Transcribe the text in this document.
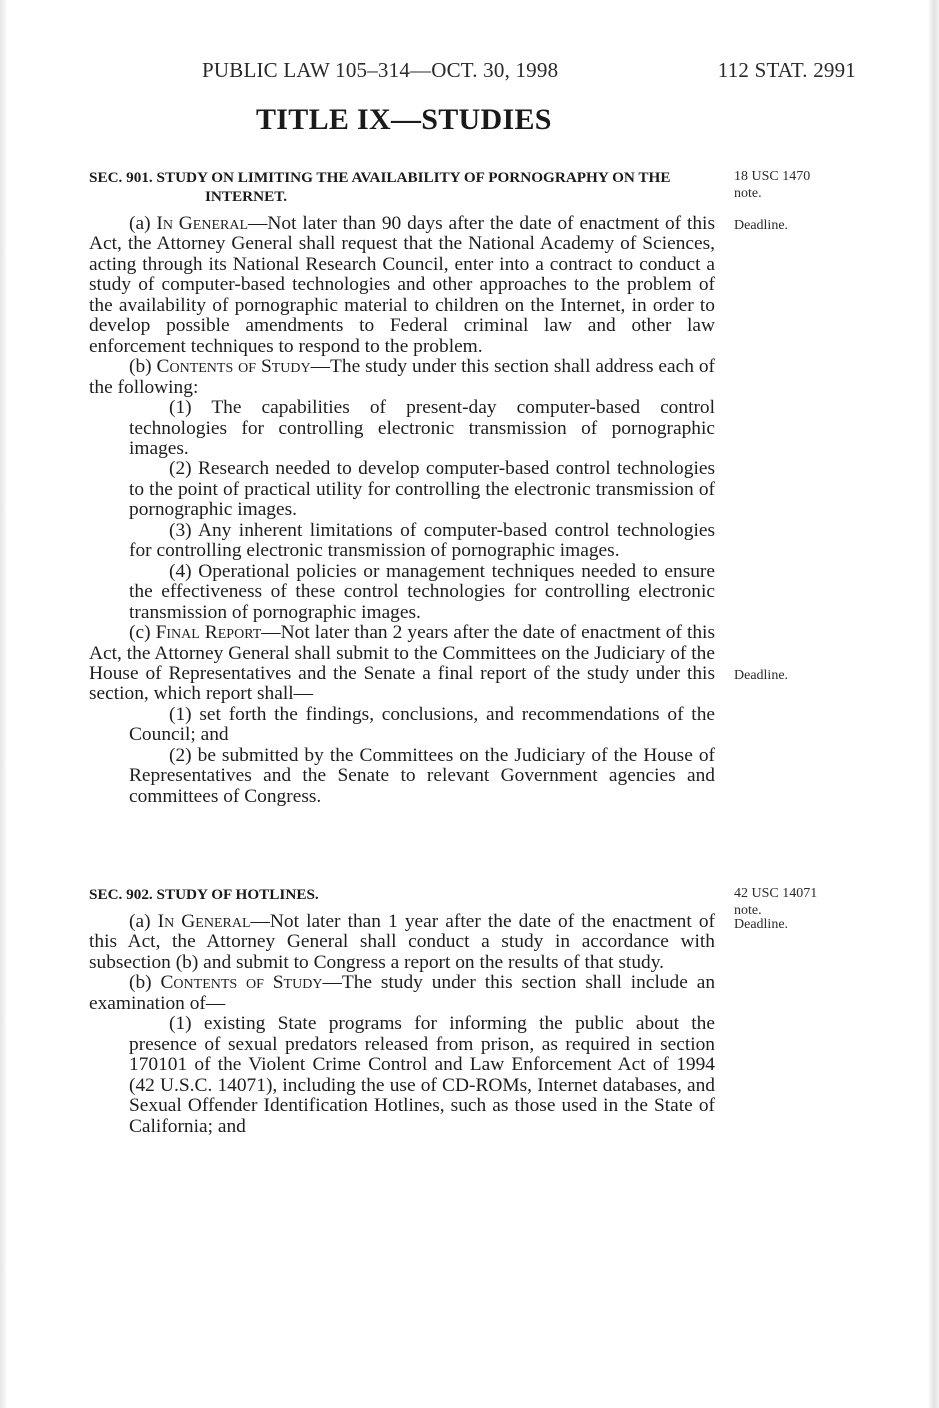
PUBLIC LAW 105–314—OCT. 30, 1998	112 STAT. 2991
TITLE IX—STUDIES
SEC. 901. STUDY ON LIMITING THE AVAILABILITY OF PORNOGRAPHY ON THE INTERNET.

(a) In General—Not later than 90 days after the date of enactment of this Act, the Attorney General shall request that the National Academy of Sciences, acting through its National Research Council, enter into a contract to conduct a study of computer-based technologies and other approaches to the problem of the availability of pornographic material to children on the Internet, in order to develop possible amendments to Federal criminal law and other law enforcement techniques to respond to the problem.

(b) Contents of Study—The study under this section shall address each of the following:

(1) The capabilities of present-day computer-based control technologies for controlling electronic transmission of pornographic images.

(2) Research needed to develop computer-based control technologies to the point of practical utility for controlling the electronic transmission of pornographic images.

(3) Any inherent limitations of computer-based control technologies for controlling electronic transmission of pornographic images.

(4) Operational policies or management techniques needed to ensure the effectiveness of these control technologies for controlling electronic transmission of pornographic images.

(c) Final Report—Not later than 2 years after the date of enactment of this Act, the Attorney General shall submit to the Committees on the Judiciary of the House of Representatives and the Senate a final report of the study under this section, which report shall—

(1) set forth the findings, conclusions, and recommendations of the Council; and

(2) be submitted by the Committees on the Judiciary of the House of Representatives and the Senate to relevant Government agencies and committees of Congress.

18 USC 1470
note.
Deadline.
Deadline.
SEC. 902. STUDY OF HOTLINES.

(a) In General—Not later than 1 year after the date of the enactment of this Act, the Attorney General shall conduct a study in accordance with subsection (b) and submit to Congress a report on the results of that study.

(b) Contents of Study—The study under this section shall include an examination of—

(1) existing State programs for informing the public about the presence of sexual predators released from prison, as required in section 170101 of the Violent Crime Control and Law Enforcement Act of 1994 (42 U.S.C. 14071), including the use of CD-ROMs, Internet databases, and Sexual Offender Identification Hotlines, such as those used in the State of California; and

42 USC 14071
note.
Deadline.
